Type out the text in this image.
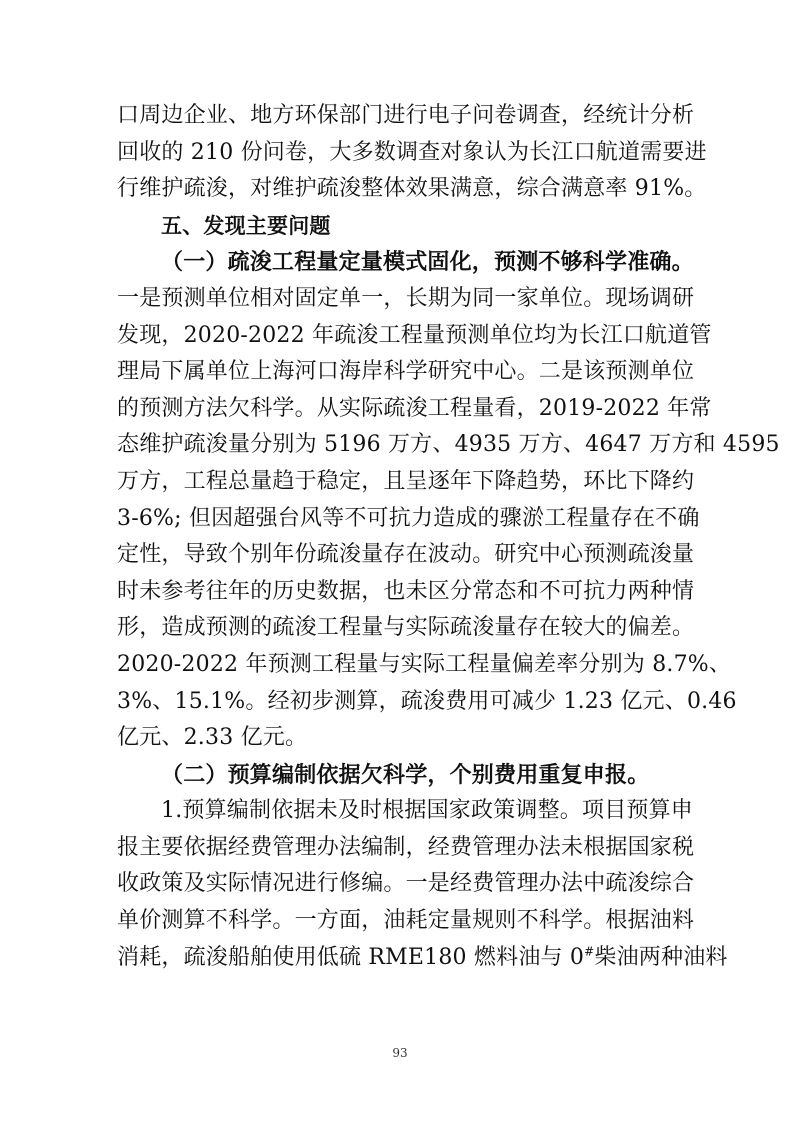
口周边企业、地方环保部门进行电子问卷调查，经统计分析
回收的 210 份问卷，大多数调查对象认为长江口航道需要进
行维护疏浚，对维护疏浚整体效果满意，综合满意率 91%。
五、发现主要问题
（一）疏浚工程量定量模式固化，预测不够科学准确。
一是预测单位相对固定单一，长期为同一家单位。现场调研
发现，2020-2022 年疏浚工程量预测单位均为长江口航道管
理局下属单位上海河口海岸科学研究中心。二是该预测单位
的预测方法欠科学。从实际疏浚工程量看，2019-2022 年常
态维护疏浚量分别为 5196 万方、4935 万方、4647 万方和 4595
万方，工程总量趋于稳定，且呈逐年下降趋势，环比下降约
3-6%; 但因超强台风等不可抗力造成的骤淤工程量存在不确
定性，导致个别年份疏浚量存在波动。研究中心预测疏浚量
时未参考往年的历史数据，也未区分常态和不可抗力两种情
形，造成预测的疏浚工程量与实际疏浚量存在较大的偏差。
2020-2022 年预测工程量与实际工程量偏差率分别为 8.7%、
3%、15.1%。经初步测算，疏浚费用可减少 1.23 亿元、0.46
亿元、2.33 亿元。
（二）预算编制依据欠科学，个别费用重复申报。
1.预算编制依据未及时根据国家政策调整。项目预算申
报主要依据经费管理办法编制，经费管理办法未根据国家税
收政策及实际情况进行修编。一是经费管理办法中疏浚综合
单价测算不科学。一方面，油耗定量规则不科学。根据油料
消耗，疏浚船舶使用低硫 RME180 燃料油与 0#柴油两种油料
93
